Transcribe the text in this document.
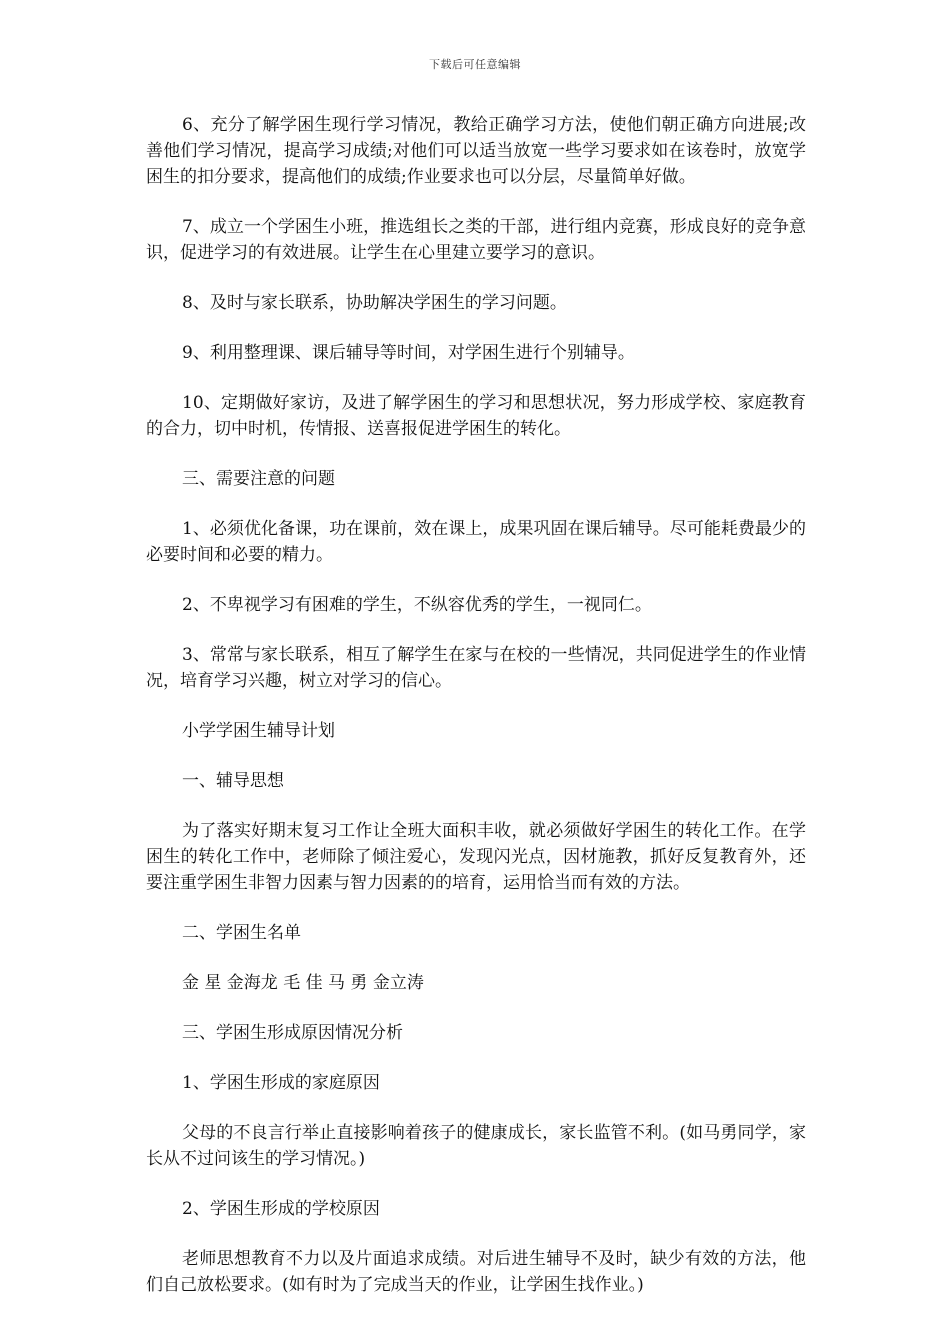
下载后可任意编辑

6、充分了解学困生现行学习情况，教给正确学习方法，使他们朝正确方向进展;改善他们学习情况，提高学习成绩;对他们可以适当放宽一些学习要求如在该卷时，放宽学困生的扣分要求，提高他们的成绩;作业要求也可以分层，尽量简单好做。

7、成立一个学困生小班，推选组长之类的干部，进行组内竞赛，形成良好的竞争意识，促进学习的有效进展。让学生在心里建立要学习的意识。

8、及时与家长联系，协助解决学困生的学习问题。

9、利用整理课、课后辅导等时间，对学困生进行个别辅导。

10、定期做好家访，及进了解学困生的学习和思想状况，努力形成学校、家庭教育的合力，切中时机，传情报、送喜报促进学困生的转化。

三、需要注意的问题

1、必须优化备课，功在课前，效在课上，成果巩固在课后辅导。尽可能耗费最少的必要时间和必要的精力。

2、不卑视学习有困难的学生，不纵容优秀的学生，一视同仁。

3、常常与家长联系，相互了解学生在家与在校的一些情况，共同促进学生的作业情况，培育学习兴趣，树立对学习的信心。

小学学困生辅导计划

一、辅导思想

为了落实好期末复习工作让全班大面积丰收，就必须做好学困生的转化工作。在学困生的转化工作中，老师除了倾注爱心，发现闪光点，因材施教，抓好反复教育外，还要注重学困生非智力因素与智力因素的的培育，运用恰当而有效的方法。

二、学困生名单

金 星 金海龙 毛 佳 马 勇 金立涛

三、学困生形成原因情况分析

1、学困生形成的家庭原因

父母的不良言行举止直接影响着孩子的健康成长，家长监管不利。(如马勇同学，家长从不过问该生的学习情况。)

2、学困生形成的学校原因

老师思想教育不力以及片面追求成绩。对后进生辅导不及时，缺少有效的方法，他们自己放松要求。(如有时为了完成当天的作业，让学困生找作业。)
